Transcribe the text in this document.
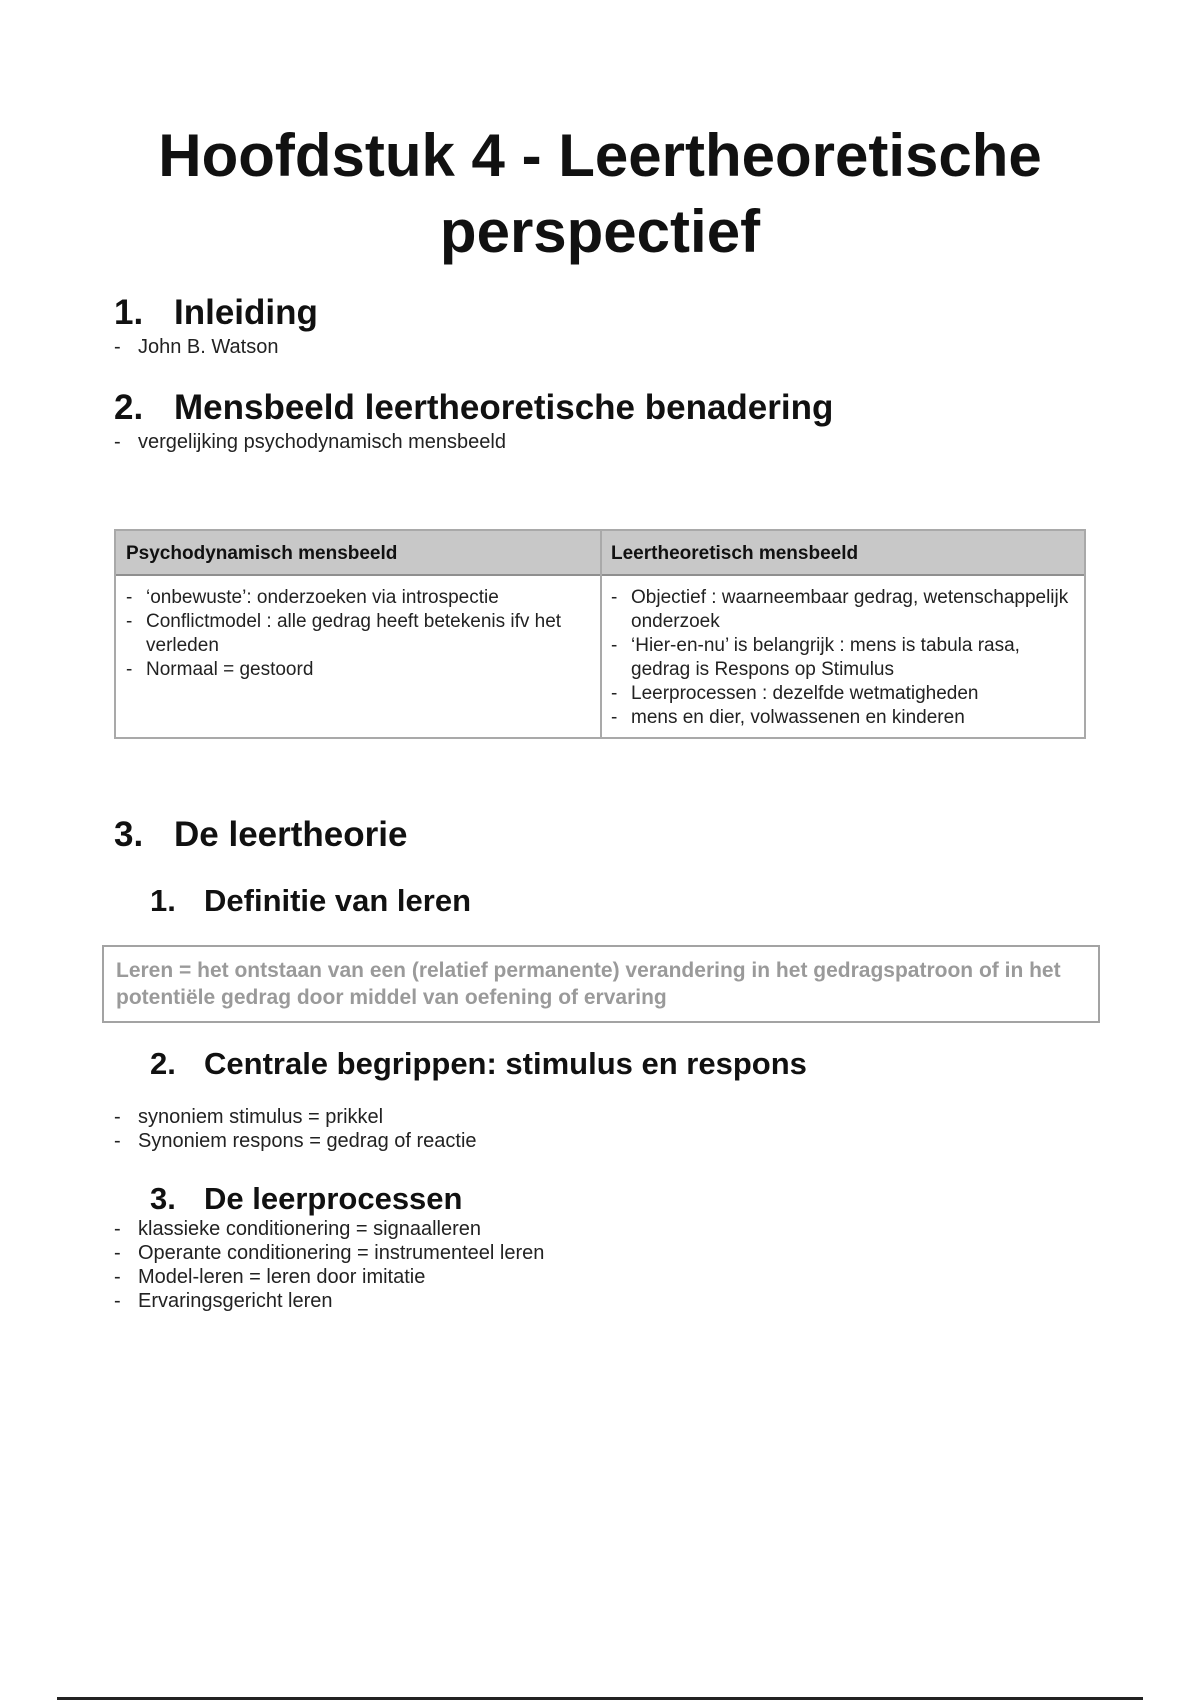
Hoofdstuk 4 - Leertheoretische
perspectief
1. Inleiding
- John B. Watson
2. Mensbeeld leertheoretische benadering
- vergelijking psychodynamisch mensbeeld
Psychodynamisch mensbeeld	Leertheoretisch mensbeeld
- ‘onbewuste’: onderzoeken via introspectie
- Conflictmodel : alle gedrag heeft betekenis ifv het verleden
- Normaal = gestoord
- Objectief : waarneembaar gedrag, wetenschappelijk onderzoek
- ‘Hier-en-nu’ is belangrijk : mens is tabula rasa, gedrag is Respons op Stimulus
- Leerprocessen : dezelfde wetmatigheden
- mens en dier, volwassenen en kinderen
3. De leertheorie
1. Definitie van leren
Leren = het ontstaan van een (relatief permanente) verandering in het gedragspatroon of in het potentiële gedrag door middel van oefening of ervaring
2. Centrale begrippen: stimulus en respons
- synoniem stimulus = prikkel
- Synoniem respons = gedrag of reactie
3. De leerprocessen
- klassieke conditionering = signaalleren
- Operante conditionering = instrumenteel leren
- Model-leren = leren door imitatie
- Ervaringsgericht leren
